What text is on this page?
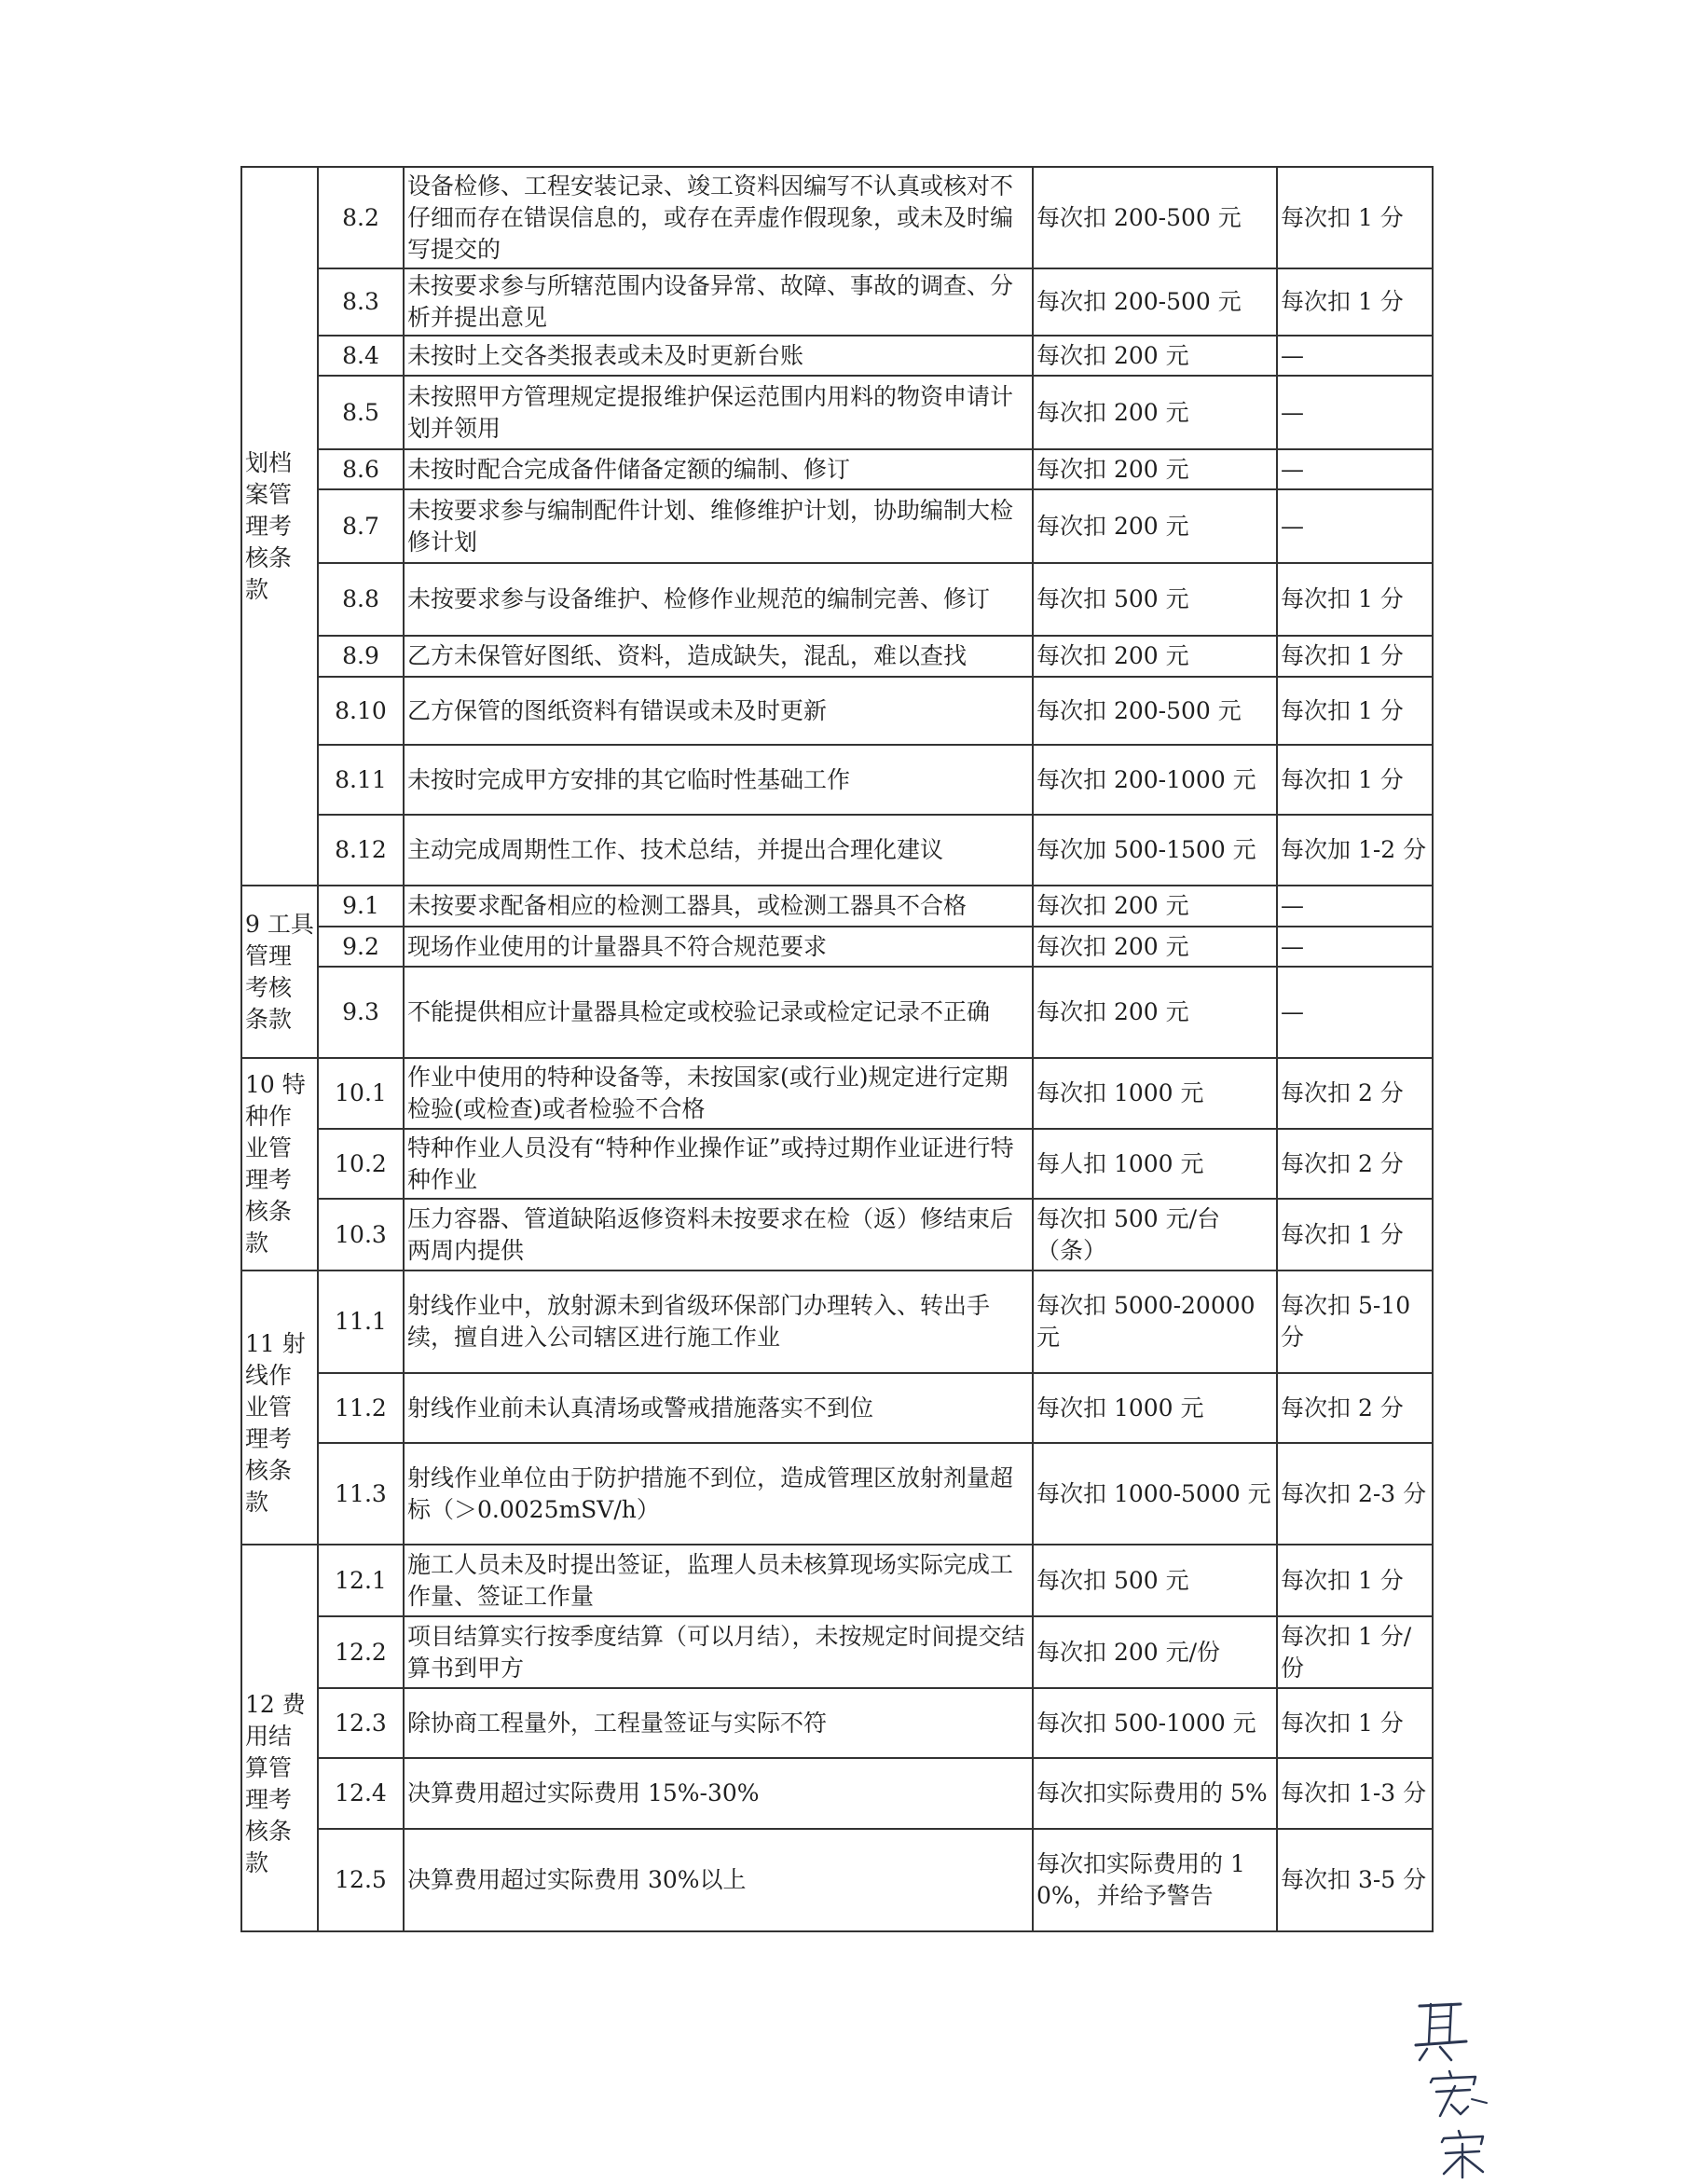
划档案管理考核条款	8.2	设备检修、工程安装记录、竣工资料因编写不认真或核对不仔细而存在错误信息的，或存在弄虚作假现象，或未及时编写提交的	每次扣 200-500 元	每次扣 1 分
	8.3	未按要求参与所辖范围内设备异常、故障、事故的调查、分析并提出意见	每次扣 200-500 元	每次扣 1 分
	8.4	未按时上交各类报表或未及时更新台账	每次扣 200 元	—
	8.5	未按照甲方管理规定提报维护保运范围内用料的物资申请计划并领用	每次扣 200 元	—
	8.6	未按时配合完成备件储备定额的编制、修订	每次扣 200 元	—
	8.7	未按要求参与编制配件计划、维修维护计划，协助编制大检修计划	每次扣 200 元	—
	8.8	未按要求参与设备维护、检修作业规范的编制完善、修订	每次扣 500 元	每次扣 1 分
	8.9	乙方未保管好图纸、资料，造成缺失，混乱，难以查找	每次扣 200 元	每次扣 1 分
	8.10	乙方保管的图纸资料有错误或未及时更新	每次扣 200-500 元	每次扣 1 分
	8.11	未按时完成甲方安排的其它临时性基础工作	每次扣 200-1000 元	每次扣 1 分
	8.12	主动完成周期性工作、技术总结，并提出合理化建议	每次加 500-1500 元	每次加 1-2 分
9 工具管理考核条款	9.1	未按要求配备相应的检测工器具，或检测工器具不合格	每次扣 200 元	—
	9.2	现场作业使用的计量器具不符合规范要求	每次扣 200 元	—
	9.3	不能提供相应计量器具检定或校验记录或检定记录不正确	每次扣 200 元	—
10 特种作业管理考核条款	10.1	作业中使用的特种设备等，未按国家(或行业)规定进行定期检验(或检查)或者检验不合格	每次扣 1000 元	每次扣 2 分
	10.2	特种作业人员没有“特种作业操作证”或持过期作业证进行特种作业	每人扣 1000 元	每次扣 2 分
	10.3	压力容器、管道缺陷返修资料未按要求在检（返）修结束后两周内提供	每次扣 500 元/台（条）	每次扣 1 分
11 射线作业管理考核条款	11.1	射线作业中，放射源未到省级环保部门办理转入、转出手续，擅自进入公司辖区进行施工作业	每次扣 5000-20000 元	每次扣 5-10 分
	11.2	射线作业前未认真清场或警戒措施落实不到位	每次扣 1000 元	每次扣 2 分
	11.3	射线作业单位由于防护措施不到位，造成管理区放射剂量超标（＞0.0025mSV/h）	每次扣 1000-5000 元	每次扣 2-3 分
12 费用结算管理考核条款	12.1	施工人员未及时提出签证，监理人员未核算现场实际完成工作量、签证工作量	每次扣 500 元	每次扣 1 分
	12.2	项目结算实行按季度结算（可以月结），未按规定时间提交结算书到甲方	每次扣 200 元/份	每次扣 1 分/份
	12.3	除协商工程量外，工程量签证与实际不符	每次扣 500-1000 元	每次扣 1 分
	12.4	决算费用超过实际费用 15%-30%	每次扣实际费用的 5%	每次扣 1-3 分
	12.5	决算费用超过实际费用 30%以上	每次扣实际费用的 10%，并给予警告	每次扣 3-5 分
